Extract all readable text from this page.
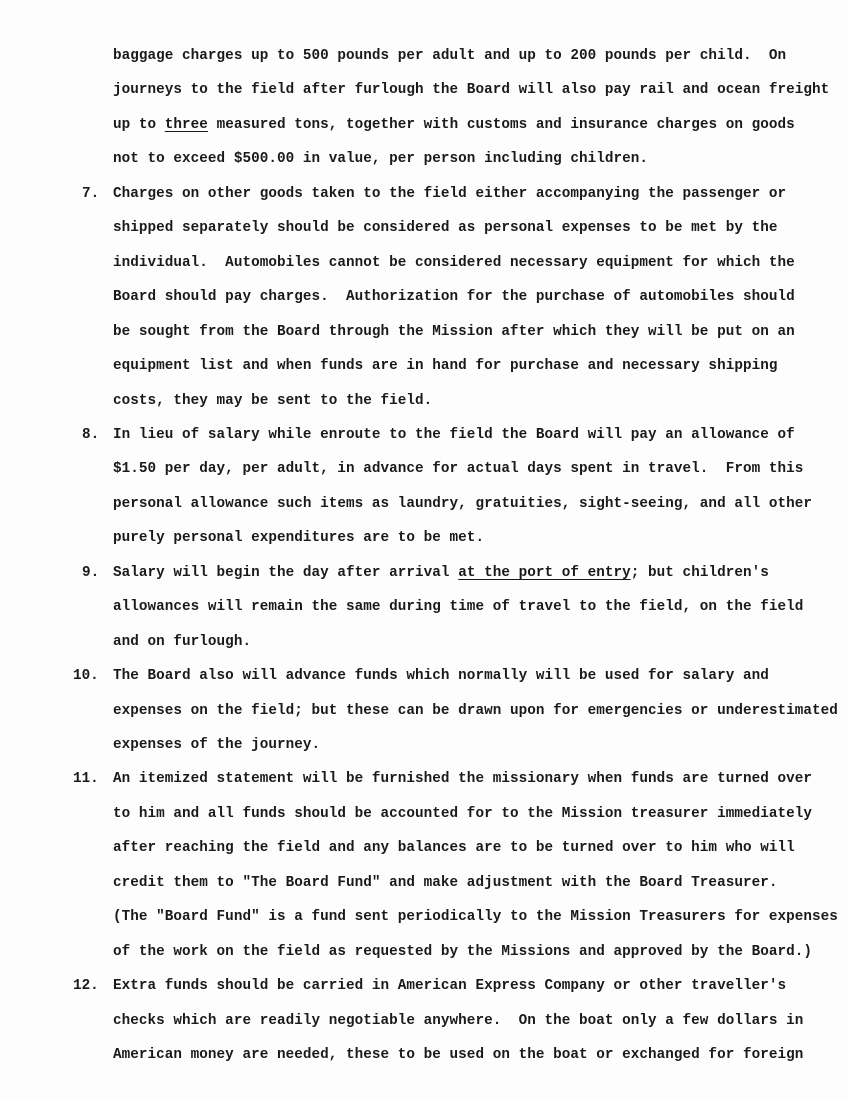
baggage charges up to 500 pounds per adult and up to 200 pounds per child.  On
journeys to the field after furlough the Board will also pay rail and ocean freight
up to three measured tons, together with customs and insurance charges on goods
not to exceed $500.00 in value, per person including children.
7. Charges on other goods taken to the field either accompanying the passenger or
shipped separately should be considered as personal expenses to be met by the
individual.  Automobiles cannot be considered necessary equipment for which the
Board should pay charges.  Authorization for the purchase of automobiles should
be sought from the Board through the Mission after which they will be put on an
equipment list and when funds are in hand for purchase and necessary shipping
costs, they may be sent to the field.
8. In lieu of salary while enroute to the field the Board will pay an allowance of
$1.50 per day, per adult, in advance for actual days spent in travel.  From this
personal allowance such items as laundry, gratuities, sight-seeing, and all other
purely personal expenditures are to be met.
9. Salary will begin the day after arrival at the port of entry; but children's
allowances will remain the same during time of travel to the field, on the field
and on furlough.
10. The Board also will advance funds which normally will be used for salary and
expenses on the field; but these can be drawn upon for emergencies or underestimated
expenses of the journey.
11. An itemized statement will be furnished the missionary when funds are turned over
to him and all funds should be accounted for to the Mission treasurer immediately
after reaching the field and any balances are to be turned over to him who will
credit them to "The Board Fund" and make adjustment with the Board Treasurer.
(The "Board Fund" is a fund sent periodically to the Mission Treasurers for expenses
of the work on the field as requested by the Missions and approved by the Board.)
12. Extra funds should be carried in American Express Company or other traveller's
checks which are readily negotiable anywhere.  On the boat only a few dollars in
American money are needed, these to be used on the boat or exchanged for foreign
